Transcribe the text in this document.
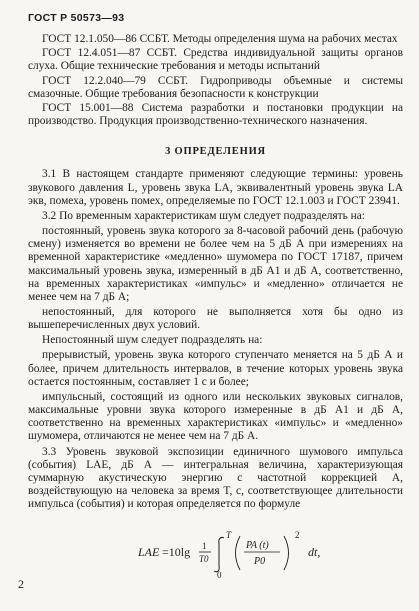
ГОСТ Р 50573—93

ГОСТ 12.1.050—86 ССБТ. Методы определения шума на рабочих местах

ГОСТ 12.4.051—87 ССБТ. Средства индивидуальной защиты органов слуха. Общие технические требования и методы испытаний

ГОСТ 12.2.040—79 ССБТ. Гидроприводы объемные и системы смазочные. Общие требования безопасности к конструкции

ГОСТ 15.001—88 Система разработки и постановки продукции на производство. Продукция производственно-технического назначения.

3 ОПРЕДЕЛЕНИЯ

3.1 В настоящем стандарте применяют следующие термины: уровень звукового давления L, уровень звука LA, эквивалентный уровень звука LA экв, помеха, уровень помех, определяемые по ГОСТ 12.1.003 и ГОСТ 23941.

3.2 По временным характеристикам шум следует подразделять на:

постоянный, уровень звука которого за 8-часовой рабочий день (рабочую смену) изменяется во времени не более чем на 5 дБ А при измерениях на временной характеристике «медленно» шумомера по ГОСТ 17187, причем максимальный уровень звука, измеренный в дБ А1 и дБ А, соответственно, на временных характеристиках «импульс» и «медленно» отличается не менее чем на 7 дБ А;

непостоянный, для которого не выполняется хотя бы одно из вышеперечисленных двух условий.

Непостоянный шум следует подразделять на:

прерывистый, уровень звука которого ступенчато меняется на 5 дБ А и более, причем длительность интервалов, в течение которых уровень звука остается постоянным, составляет 1 с и более;

импульсный, состоящий из одного или нескольких звуковых сигналов, максимальные уровни звука которого измеренные в дБ А1 и дБ А, соответственно на временных характеристиках «импульс» и «медленно» шумомера, отличаются не менее чем на 7 дБ А.

3.3 Уровень звуковой экспозиции единичного шумового импульса (события) LAE, дБ А — интегральная величина, характеризующая суммарную акустическую энергию с частотной коррекцией А, воздействующую на человека за время T, с, соответствующее длительности импульса (события) и которая определяется по формуле

LAE =10lg 1
T0
T
0
PA (t)
P0
2
dt,
2
